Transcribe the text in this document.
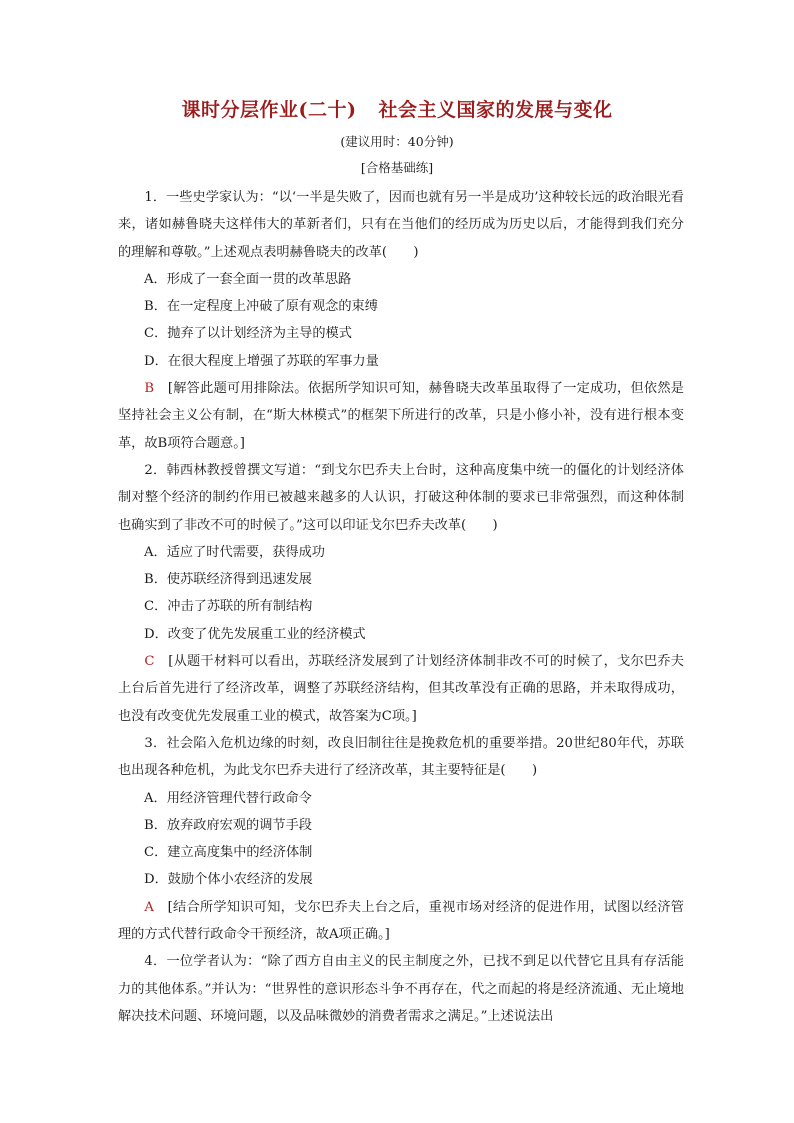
课时分层作业(二十) 社会主义国家的发展与变化
(建议用时：40分钟)
[合格基础练]

1．一些史学家认为：“以‘一半是失败了，因而也就有另一半是成功’这种较长远的政治眼光看来，诸如赫鲁晓夫这样伟大的革新者们，只有在当他们的经历成为历史以后，才能得到我们充分的理解和尊敬。”上述观点表明赫鲁晓夫的改革(　　)

A．形成了一套全面一贯的改革思路
B．在一定程度上冲破了原有观念的束缚
C．抛弃了以计划经济为主导的模式
D．在很大程度上增强了苏联的军事力量

B　 [解答此题可用排除法。依据所学知识可知，赫鲁晓夫改革虽取得了一定成功，但依然是坚持社会主义公有制，在“斯大林模式”的框架下所进行的改革，只是小修小补，没有进行根本变革，故B项符合题意。]

2．韩西林教授曾撰文写道：“到戈尔巴乔夫上台时，这种高度集中统一的僵化的计划经济体制对整个经济的制约作用已被越来越多的人认识，打破这种体制的要求已非常强烈，而这种体制也确实到了非改不可的时候了。”这可以印证戈尔巴乔夫改革(　　)

A．适应了时代需要，获得成功
B．使苏联经济得到迅速发展
C．冲击了苏联的所有制结构
D．改变了优先发展重工业的经济模式

C　 [从题干材料可以看出，苏联经济发展到了计划经济体制非改不可的时候了，戈尔巴乔夫上台后首先进行了经济改革，调整了苏联经济结构，但其改革没有正确的思路，并未取得成功，也没有改变优先发展重工业的模式，故答案为C项。]

3．社会陷入危机边缘的时刻，改良旧制往往是挽救危机的重要举措。20世纪80年代，苏联也出现各种危机，为此戈尔巴乔夫进行了经济改革，其主要特征是(　　)

A．用经济管理代替行政命令
B．放弃政府宏观的调节手段
C．建立高度集中的经济体制
D．鼓励个体小农经济的发展

A　 [结合所学知识可知，戈尔巴乔夫上台之后，重视市场对经济的促进作用，试图以经济管理的方式代替行政命令干预经济，故A项正确。]

4．一位学者认为：“除了西方自由主义的民主制度之外，已找不到足以代替它且具有存活能力的其他体系。”并认为：“世界性的意识形态斗争不再存在，代之而起的将是经济流通、无止境地解决技术问题、环境问题，以及品味微妙的消费者需求之满足。”上述说法出
